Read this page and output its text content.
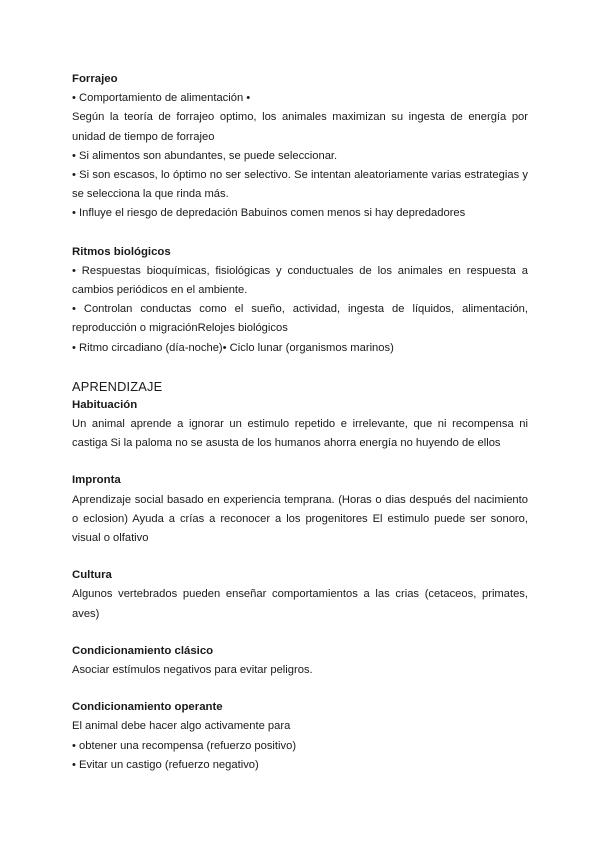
Forrajeo

• Comportamiento de alimentación •

Según la teoría de forrajeo optimo, los animales maximizan su ingesta de energía por unidad de tiempo de forrajeo

• Si alimentos son abundantes, se puede seleccionar.

• Si son escasos, lo óptimo no ser selectivo. Se intentan aleatoriamente varias estrategias y se selecciona la que rinda más.

• Influye el riesgo de depredación Babuinos comen menos si hay depredadores

Ritmos biológicos

• Respuestas bioquímicas, fisiológicas y conductuales de los animales en respuesta a cambios periódicos en el ambiente.

• Controlan conductas como el sueño, actividad, ingesta de líquidos, alimentación, reproducción o migraciónRelojes biológicos

• Ritmo circadiano (día-noche)• Ciclo lunar (organismos marinos)

APRENDIZAJE

Habituación

Un animal aprende a ignorar un estimulo repetido e irrelevante, que ni recompensa ni castiga Si la paloma no se asusta de los humanos ahorra energía no huyendo de ellos

Impronta

Aprendizaje social basado en experiencia temprana. (Horas o dias después del nacimiento o eclosion) Ayuda a crías a reconocer a los progenitores El estimulo puede ser sonoro, visual o olfativo

Cultura

Algunos vertebrados pueden enseñar comportamientos a las crias (cetaceos, primates, aves)

Condicionamiento clásico

Asociar estímulos negativos para evitar peligros.

Condicionamiento operante

El animal debe hacer algo activamente para

• obtener una recompensa (refuerzo positivo)

• Evitar un castigo (refuerzo negativo)
